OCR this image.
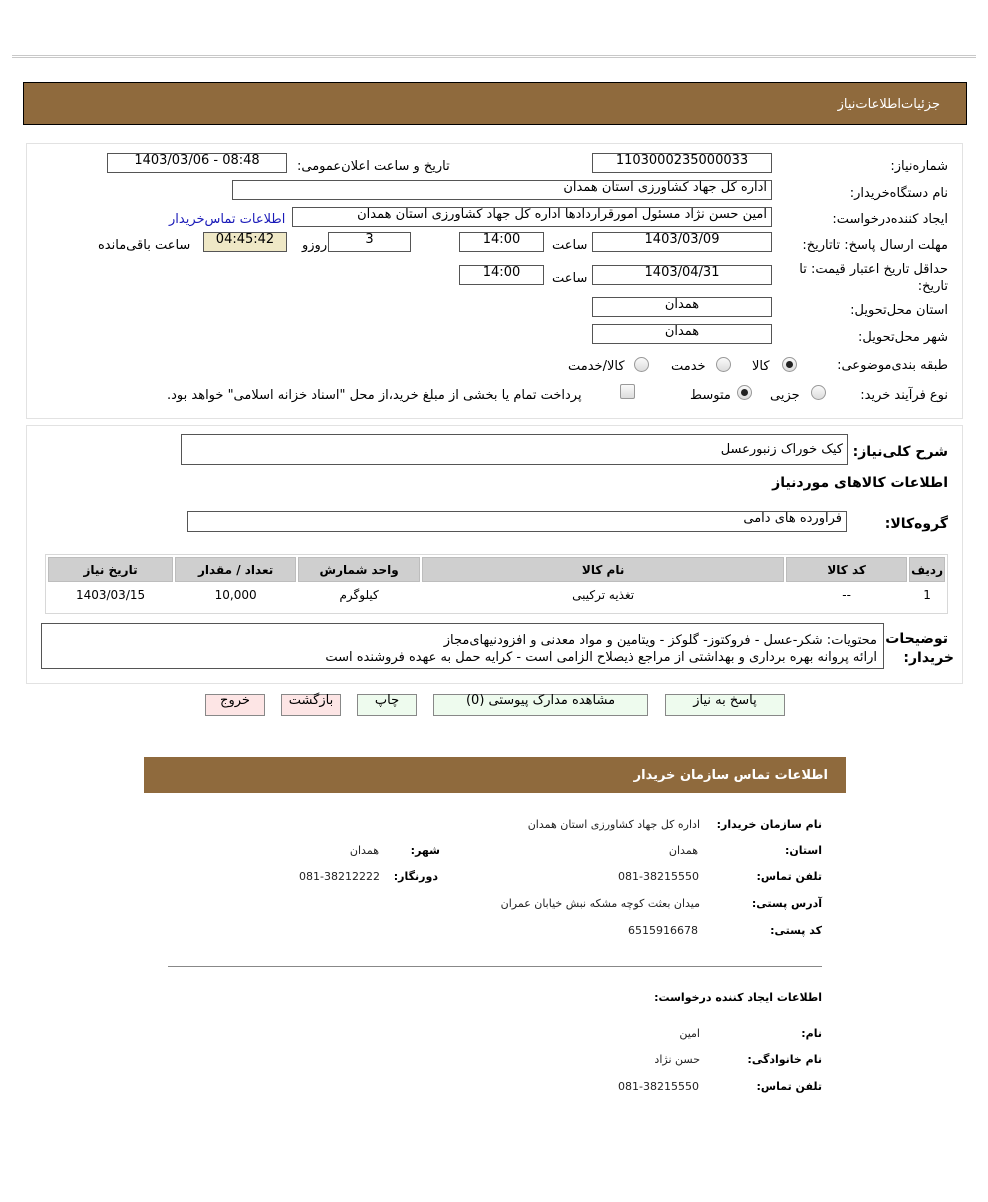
جزئیات‌اطلاعات‌نیاز
شماره‌نیاز:
1103000235000033
تاریخ و ساعت اعلان‌عمومی:
1403/03/06 - 08:48
نام دستگاه‌خریدار:
اداره کل جهاد کشاورزی استان همدان
ایجاد کننده‌درخواست:
امین حسن نژاد مسئول امورقراردادها اداره کل جهاد کشاورزی استان همدان
اطلاعات تماس‌خریدار
مهلت ارسال پاسخ: تاتاریخ:
1403/03/09
ساعت
14:00
3
روزو
04:45:42
ساعت باقی‌مانده
حداقل تاریخ اعتبار قیمت: تا
تاریخ:
1403/04/31
ساعت
14:00
استان محل‌تحویل:
همدان
شهر محل‌تحویل:
همدان
طبقه بندی‌موضوعی:
کالا
خدمت
کالا/خدمت
نوع فرآیند خرید:
جزیی
متوسط
پرداخت تمام یا بخشی از مبلغ خرید،از محل "اسناد خزانه اسلامی" خواهد بود.
شرح کلی‌نیاز:
کیک خوراک زنبورعسل
اطلاعات کالاهای مورد‌نیاز
گروه‌کالا:
فراورده های دامی
ردیف	کد کالا	نام کالا	واحد شمارش	تعداد / مقدار	تاریخ نیاز
1	--	تغذیه ترکیبی	کیلوگرم	10,000	1403/03/15
توضیحات
خریدار:
محتویات: شکر-عسل - فروکتوز- گلوکز - ویتامین و مواد معدنی و افزودنیهای‌مجاز
ارائه پروانه بهره برداری و بهداشتی از مراجع ذیصلاح الزامی است - کرایه حمل به عهده فروشنده است
پاسخ به نیاز
مشاهده مدارک پیوستی (0)
چاپ
بازگشت
خروج
اطلاعات تماس سازمان خریدار
نام سازمان خریدار:
اداره کل جهاد کشاورزی استان همدان
استان:
همدان
شهر:
همدان
تلفن تماس:
081-38215550
دورنگار:
081-38212222
آدرس پستی:
میدان بعثت کوچه مشکه نبش خیابان عمران
کد پستی:
6515916678
اطلاعات ایجاد کننده درخواست:
نام:
امین
نام خانوادگی:
حسن نژاد
تلفن تماس:
081-38215550
